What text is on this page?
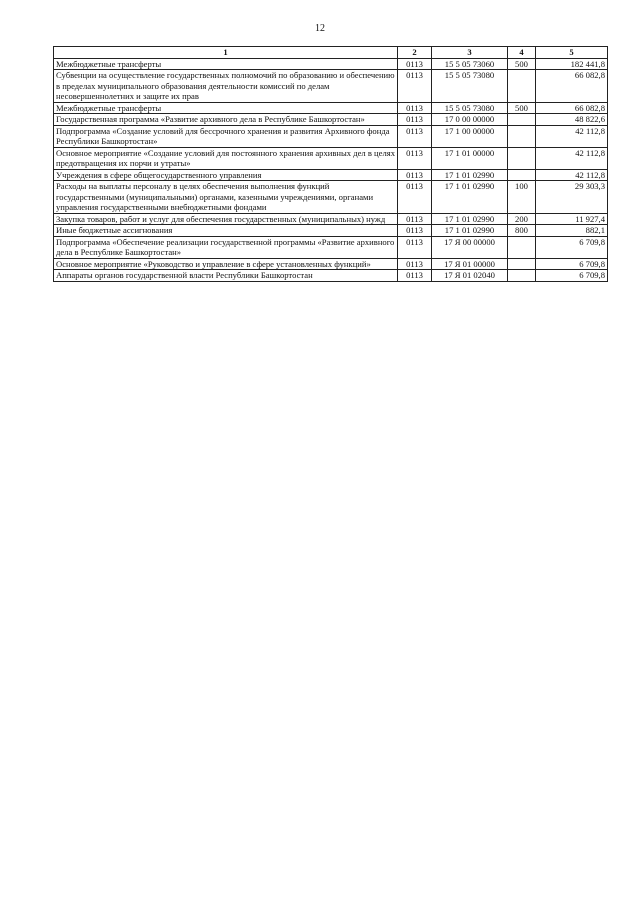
12
1	2	3	4	5
Межбюджетные трансферты	0113	15 5 05 73060	500	182 441,8
Субвенции на осуществление государственных полномочий по образованию и обеспечению в пределах муниципального образования деятельности комиссий по делам несовершеннолетних и защите их прав	0113	15 5 05 73080		66 082,8
Межбюджетные трансферты	0113	15 5 05 73080	500	66 082,8
Государственная программа «Развитие архивного дела в Республике Башкортостан»	0113	17 0 00 00000		48 822,6
Подпрограмма «Создание условий для бессрочного хранения и развития Архивного фонда Республики Башкортостан»	0113	17 1 00 00000		42 112,8
Основное мероприятие «Создание условий для постоянного хранения архивных дел в целях предотвращения их порчи и утраты»	0113	17 1 01 00000		42 112,8
Учреждения в сфере общегосударственного управления	0113	17 1 01 02990		42 112,8
Расходы на выплаты персоналу в целях обеспечения выполнения функций государственными (муниципальными) органами, казенными учреждениями, органами управления государственными внебюджетными фондами	0113	17 1 01 02990	100	29 303,3
Закупка товаров, работ и услуг для обеспечения государственных (муниципальных) нужд	0113	17 1 01 02990	200	11 927,4
Иные бюджетные ассигнования	0113	17 1 01 02990	800	882,1
Подпрограмма «Обеспечение реализации государственной программы «Развитие архивного дела в Республике Башкортостан»	0113	17 Я 00 00000		6 709,8
Основное мероприятие «Руководство и управление в сфере установленных функций»	0113	17 Я 01 00000		6 709,8
Аппараты органов государственной власти Республики Башкортостан	0113	17 Я 01 02040		6 709,8
